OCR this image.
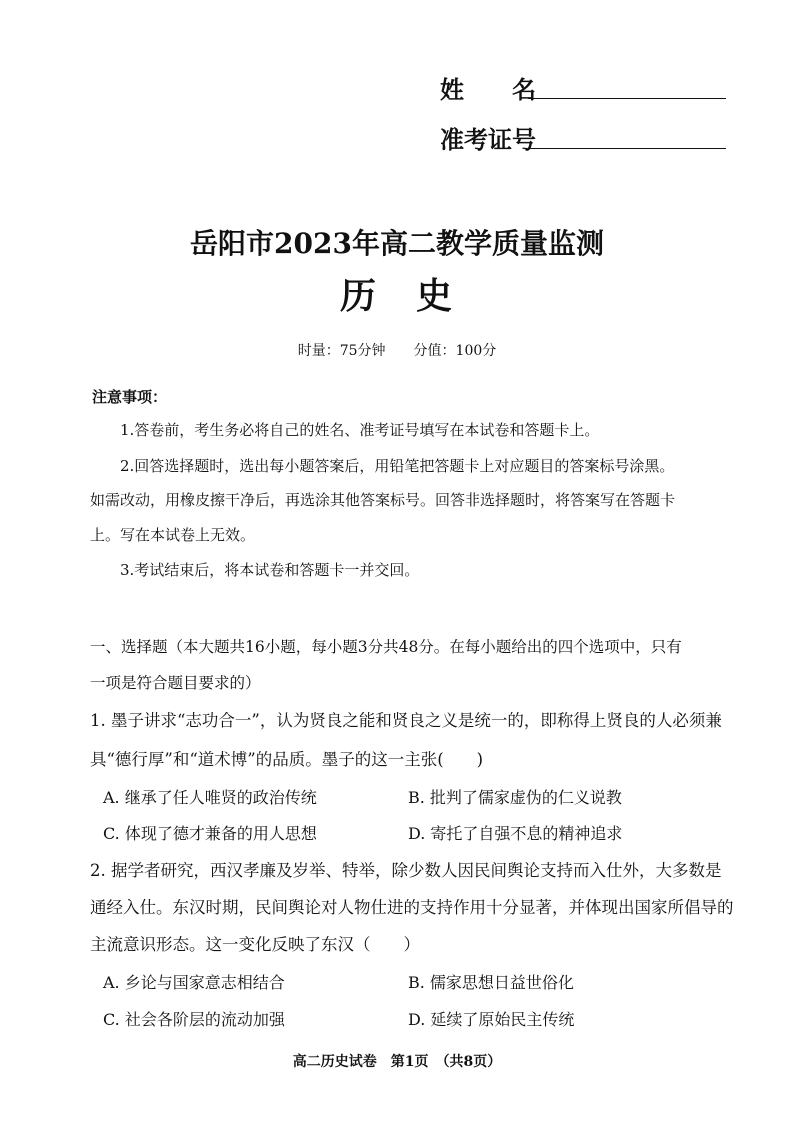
姓　　名
准考证号
岳阳市2023年高二教学质量监测
历　史
时量：75分钟　　分值：100分
注意事项：
1.答卷前，考生务必将自己的姓名、准考证号填写在本试卷和答题卡上。
2.回答选择题时，选出每小题答案后，用铅笔把答题卡上对应题目的答案标号涂黑。
如需改动，用橡皮擦干净后，再选涂其他答案标号。回答非选择题时，将答案写在答题卡
上。写在本试卷上无效。
3.考试结束后，将本试卷和答题卡一并交回。
一、选择题（本大题共16小题，每小题3分共48分。在每小题给出的四个选项中，只有
一项是符合题目要求的）
1. 墨子讲求“志功合一”，认为贤良之能和贤良之义是统一的，即称得上贤良的人必须兼
具“德行厚”和“道术博”的品质。墨子的这一主张(　　)
A. 继承了任人唯贤的政治传统	B. 批判了儒家虚伪的仁义说教
C. 体现了德才兼备的用人思想	D. 寄托了自强不息的精神追求
2. 据学者研究，西汉孝廉及岁举、特举，除少数人因民间舆论支持而入仕外，大多数是
通经入仕。东汉时期，民间舆论对人物仕进的支持作用十分显著，并体现出国家所倡导的
主流意识形态。这一变化反映了东汉（　　）
A. 乡论与国家意志相结合	B. 儒家思想日益世俗化
C. 社会各阶层的流动加强	D. 延续了原始民主传统
高二历史试卷　第1页　（共8页）
